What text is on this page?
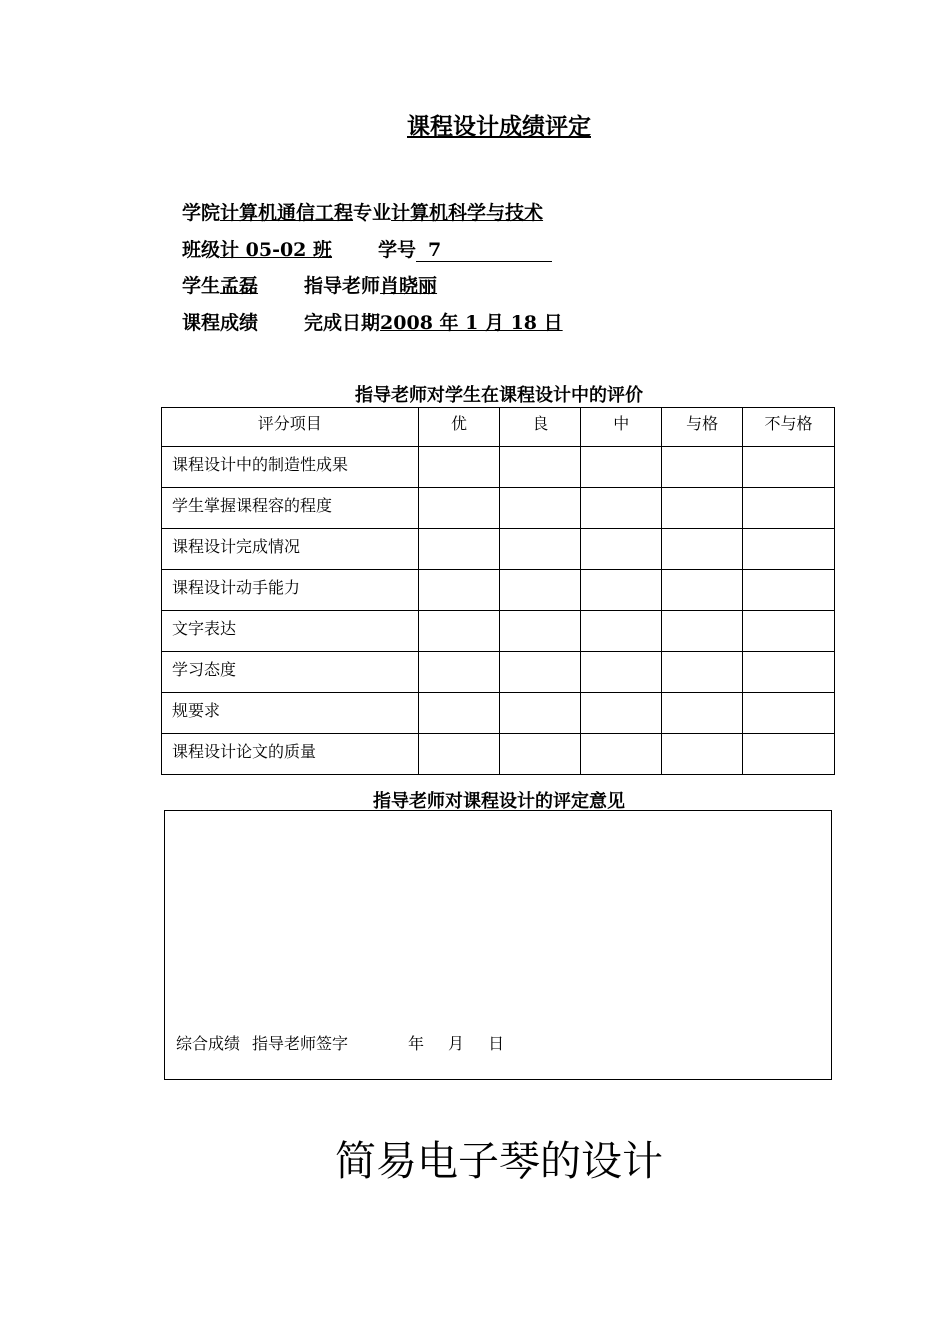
课程设计成绩评定
学院计算机通信工程专业计算机科学与技术
班级计 05-02 班 学号 7
学生孟磊 指导老师肖晓丽
课程成绩 完成日期2008 年 1 月 18 日
指导老师对学生在课程设计中的评价
评分项目	优	良	中	与格	不与格
课程设计中的制造性成果					
学生掌握课程容的程度					
课程设计完成情况					
课程设计动手能力					
文字表达					
学习态度					
规要求					
课程设计论文的质量					
指导老师对课程设计的评定意见
综合成绩 指导老师签字	年 月 日
简易电子琴的设计
